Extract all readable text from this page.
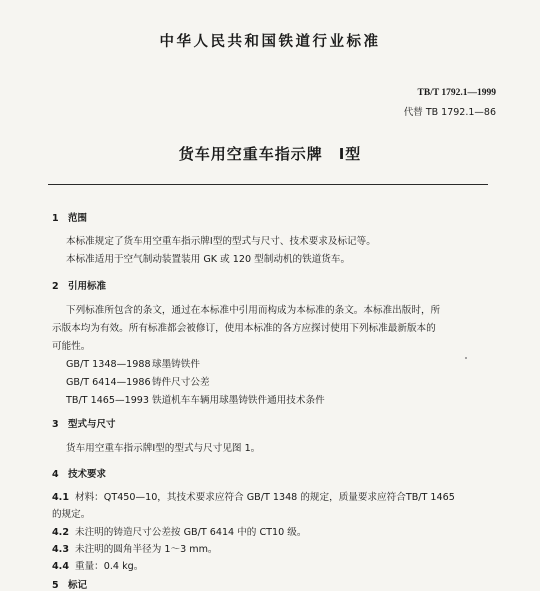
中华人民共和国铁道行业标准
TB/T 1792.1—1999
代替 TB 1792.1—86
货车用空重车指示牌　Ⅰ型
1 范围
本标准规定了货车用空重车指示牌Ⅰ型的型式与尺寸、技术要求及标记等。
本标准适用于空气制动装置装用 GK 或 120 型制动机的铁道货车。
2 引用标准
下列标准所包含的条文，通过在本标准中引用而构成为本标准的条文。本标准出版时，所
示版本均为有效。所有标准都会被修订，使用本标准的各方应探讨使用下列标准最新版本的
可能性。
GB/T 1348—1988球墨铸铁件
GB/T 6414—1986铸件尺寸公差
TB/T 1465—1993 铁道机车车辆用球墨铸铁件通用技术条件
3 型式与尺寸
货车用空重车指示牌Ⅰ型的型式与尺寸见图 1。
4 技术要求
4.1 材料：QT450—10，其技术要求应符合 GB/T 1348 的规定，质量要求应符合TB/T 1465
的规定。
4.2 未注明的铸造尺寸公差按 GB/T 6414 中的 CT10 级。
4.3 未注明的圆角半径为 1～3 mm。
4.4 重量：0.4 kg。
5 标记
